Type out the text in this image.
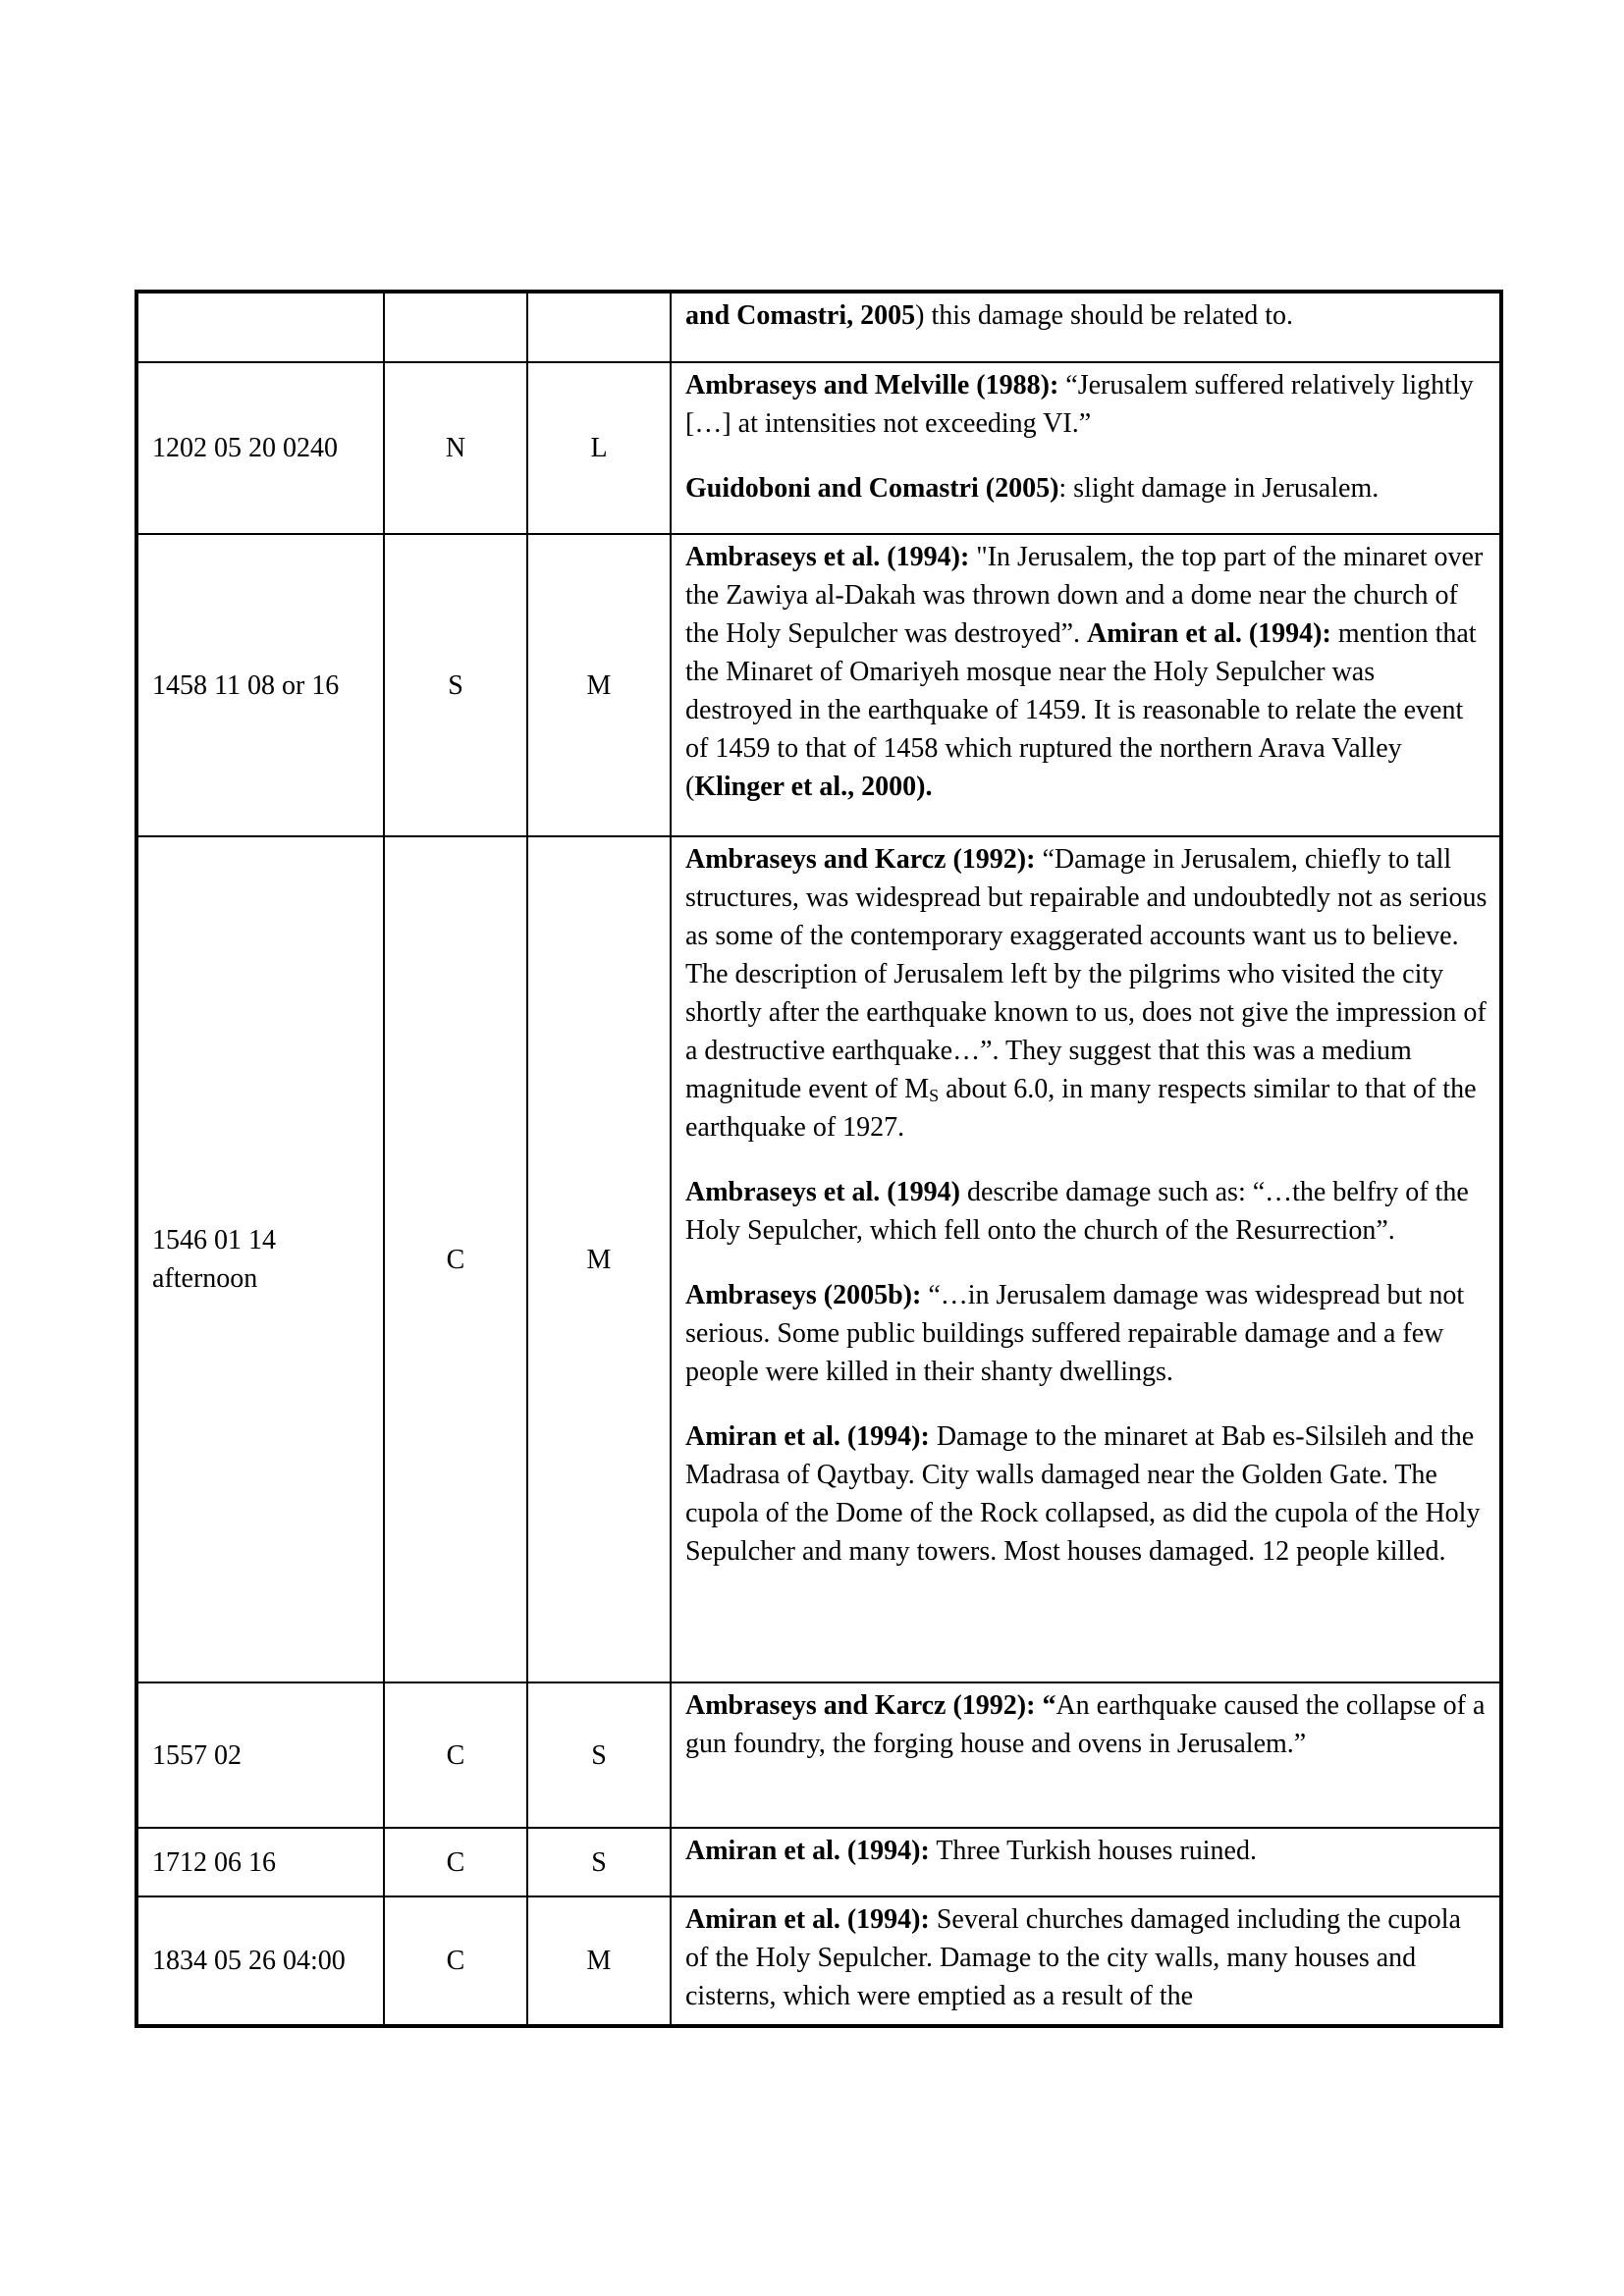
			and Comastri, 2005) this damage should be related to.

1202 05 20 0240	N	L	Ambraseys and Melville (1988): “Jerusalem suffered relatively lightly […] at intensities not exceeding VI.”

Guidoboni and Comastri (2005): slight damage in Jerusalem.

1458 11 08 or 16	S	M	Ambraseys et al. (1994): "In Jerusalem, the top part of the minaret over the Zawiya al-Dakah was thrown down and a dome near the church of the Holy Sepulcher was destroyed”. Amiran et al. (1994): mention that the Minaret of Omariyeh mosque near the Holy Sepulcher was destroyed in the earthquake of 1459. It is reasonable to relate the event of 1459 to that of 1458 which ruptured the northern Arava Valley (Klinger et al., 2000).

1546 01 14 afternoon	C	M	Ambraseys and Karcz (1992): “Damage in Jerusalem, chiefly to tall structures, was widespread but repairable and undoubtedly not as serious as some of the contemporary exaggerated accounts want us to believe. The description of Jerusalem left by the pilgrims who visited the city shortly after the earthquake known to us, does not give the impression of a destructive earthquake…”. They suggest that this was a medium magnitude event of $M_S$ about 6.0, in many respects similar to that of the earthquake of 1927.

Ambraseys et al. (1994) describe damage such as: “…the belfry of the Holy Sepulcher, which fell onto the church of the Resurrection”.

Ambraseys (2005b): “…in Jerusalem damage was widespread but not serious. Some public buildings suffered repairable damage and a few people were killed in their shanty dwellings.

Amiran et al. (1994): Damage to the minaret at Bab es-Silsileh and the Madrasa of Qaytbay. City walls damaged near the Golden Gate. The cupola of the Dome of the Rock collapsed, as did the cupola of the Holy Sepulcher and many towers. Most houses damaged. 12 people killed.

1557 02	C	S	Ambraseys and Karcz (1992): “An earthquake caused the collapse of a gun foundry, the forging house and ovens in Jerusalem.”

1712 06 16	C	S	Amiran et al. (1994): Three Turkish houses ruined.

1834 05 26 04:00	C	M	Amiran et al. (1994): Several churches damaged including the cupola of the Holy Sepulcher. Damage to the city walls, many houses and cisterns, which were emptied as a result of the
